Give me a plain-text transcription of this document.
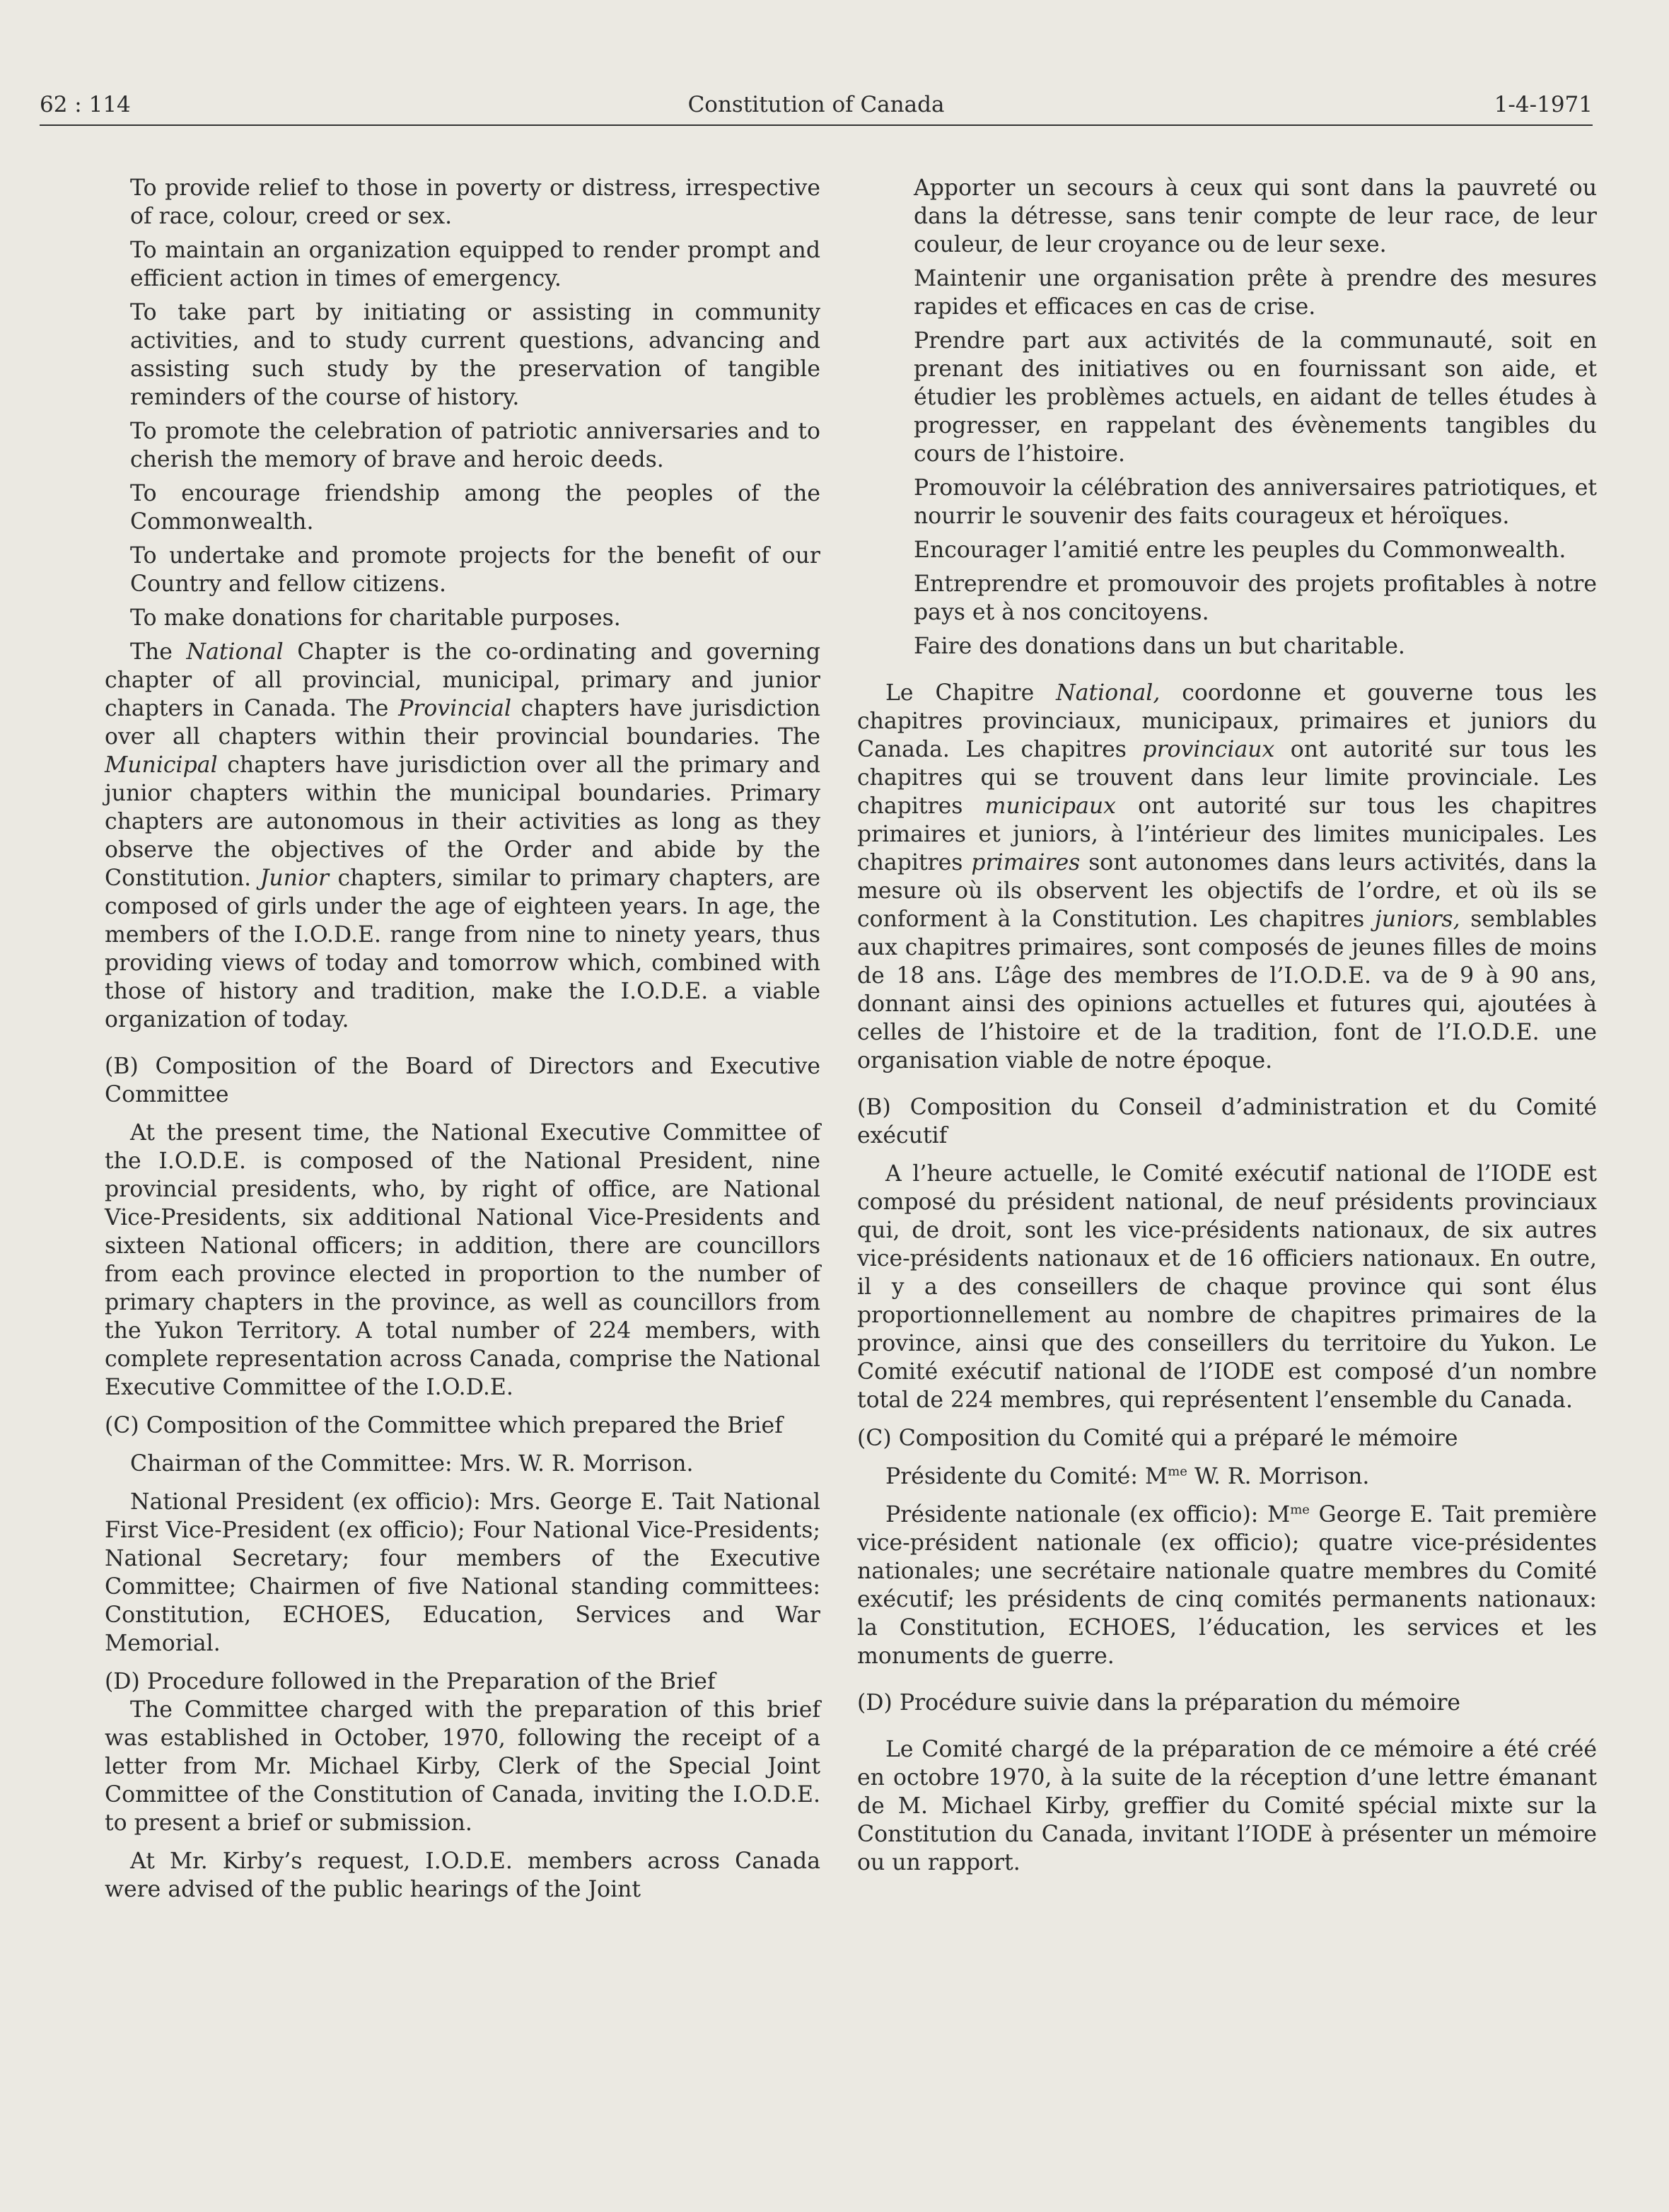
62 : 114	Constitution of Canada	1-4-1971

To provide relief to those in poverty or distress, irrespective of race, colour, creed or sex.

To maintain an organization equipped to render prompt and efficient action in times of emergency.

To take part by initiating or assisting in community activities, and to study current questions, advancing and assisting such study by the preservation of tangible reminders of the course of history.

To promote the celebration of patriotic anniversaries and to cherish the memory of brave and heroic deeds.

To encourage friendship among the peoples of the Commonwealth.

To undertake and promote projects for the benefit of our Country and fellow citizens.

To make donations for charitable purposes.

The National Chapter is the co-ordinating and governing chapter of all provincial, municipal, primary and junior chapters in Canada. The Provincial chapters have jurisdiction over all chapters within their provincial boundaries. The Municipal chapters have jurisdiction over all the primary and junior chapters within the municipal boundaries. Primary chapters are autonomous in their activities as long as they observe the objectives of the Order and abide by the Constitution. Junior chapters, similar to primary chapters, are composed of girls under the age of eighteen years. In age, the members of the I.O.D.E. range from nine to ninety years, thus providing views of today and tomorrow which, combined with those of history and tradition, make the I.O.D.E. a viable organization of today.

(B) Composition of the Board of Directors and Executive Committee

At the present time, the National Executive Committee of the I.O.D.E. is composed of the National President, nine provincial presidents, who, by right of office, are National Vice-Presidents, six additional National Vice-Presidents and sixteen National officers; in addition, there are councillors from each province elected in proportion to the number of primary chapters in the province, as well as councillors from the Yukon Territory. A total number of 224 members, with complete representation across Canada, comprise the National Executive Committee of the I.O.D.E.

(C) Composition of the Committee which prepared the Brief

Chairman of the Committee: Mrs. W. R. Morrison.

National President (ex officio): Mrs. George E. Tait National First Vice-President (ex officio); Four National Vice-Presidents; National Secretary; four members of the Executive Committee; Chairmen of five National standing committees: Constitution, ECHOES, Education, Services and War Memorial.

(D) Procedure followed in the Preparation of the Brief

The Committee charged with the preparation of this brief was established in October, 1970, following the receipt of a letter from Mr. Michael Kirby, Clerk of the Special Joint Committee of the Constitution of Canada, inviting the I.O.D.E. to present a brief or submission.

At Mr. Kirby’s request, I.O.D.E. members across Canada were advised of the public hearings of the Joint

Apporter un secours à ceux qui sont dans la pauvreté ou dans la détresse, sans tenir compte de leur race, de leur couleur, de leur croyance ou de leur sexe.

Maintenir une organisation prête à prendre des mesures rapides et efficaces en cas de crise.

Prendre part aux activités de la communauté, soit en prenant des initiatives ou en fournissant son aide, et étudier les problèmes actuels, en aidant de telles études à progresser, en rappelant des évènements tangibles du cours de l’histoire.

Promouvoir la célébration des anniversaires patriotiques, et nourrir le souvenir des faits courageux et héroïques.

Encourager l’amitié entre les peuples du Commonwealth.

Entreprendre et promouvoir des projets profitables à notre pays et à nos concitoyens.

Faire des donations dans un but charitable.

Le Chapitre National, coordonne et gouverne tous les chapitres provinciaux, municipaux, primaires et juniors du Canada. Les chapitres provinciaux ont autorité sur tous les chapitres qui se trouvent dans leur limite provinciale. Les chapitres municipaux ont autorité sur tous les chapitres primaires et juniors, à l’intérieur des limites municipales. Les chapitres primaires sont autonomes dans leurs activités, dans la mesure où ils observent les objectifs de l’ordre, et où ils se conforment à la Constitution. Les chapitres juniors, semblables aux chapitres primaires, sont composés de jeunes filles de moins de 18 ans. L’âge des membres de l’I.O.D.E. va de 9 à 90 ans, donnant ainsi des opinions actuelles et futures qui, ajoutées à celles de l’histoire et de la tradition, font de l’I.O.D.E. une organisation viable de notre époque.

(B) Composition du Conseil d’administration et du Comité exécutif

A l’heure actuelle, le Comité exécutif national de l’IODE est composé du président national, de neuf présidents provinciaux qui, de droit, sont les vice-présidents nationaux, de six autres vice-présidents nationaux et de 16 officiers nationaux. En outre, il y a des conseillers de chaque province qui sont élus proportionnellement au nombre de chapitres primaires de la province, ainsi que des conseillers du territoire du Yukon. Le Comité exécutif national de l’IODE est composé d’un nombre total de 224 membres, qui représentent l’ensemble du Canada.

(C) Composition du Comité qui a préparé le mémoire

Présidente du Comité: $M^{me}$ W. R. Morrison.

Présidente nationale (ex officio): $M^{me}$ George E. Tait première vice-président nationale (ex officio); quatre vice-présidentes nationales; une secrétaire nationale quatre membres du Comité exécutif; les présidents de cinq comités permanents nationaux: la Constitution, ECHOES, l’éducation, les services et les monuments de guerre.

(D) Procédure suivie dans la préparation du mémoire

Le Comité chargé de la préparation de ce mémoire a été créé en octobre 1970, à la suite de la réception d’une lettre émanant de M. Michael Kirby, greffier du Comité spécial mixte sur la Constitution du Canada, invitant l’IODE à présenter un mémoire ou un rapport.
